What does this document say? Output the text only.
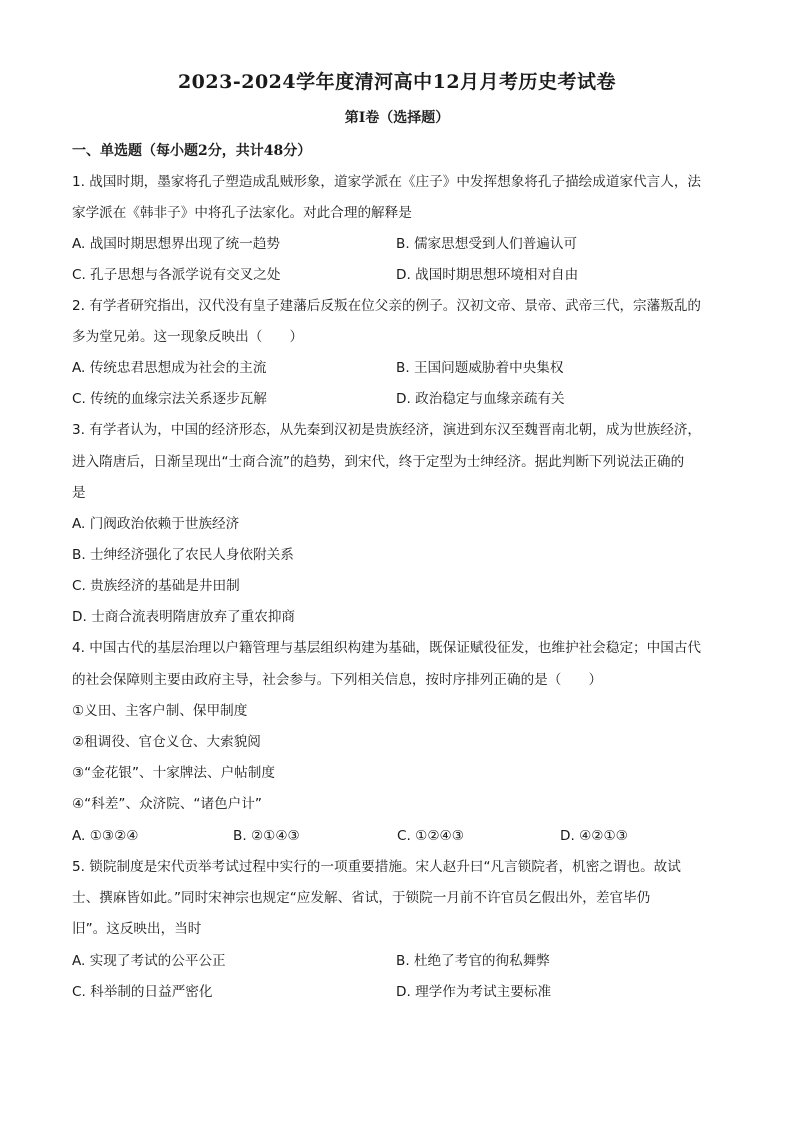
2023-2024学年度清河高中12月月考历史考试卷
第I卷（选择题）
一、单选题（每小题2分，共计48分）
1. 战国时期，墨家将孔子塑造成乱贼形象，道家学派在《庄子》中发挥想象将孔子描绘成道家代言人，法
家学派在《韩非子》中将孔子法家化。对此合理的解释是
A. 战国时期思想界出现了统一趋势	B. 儒家思想受到人们普遍认可
C. 孔子思想与各派学说有交叉之处	D. 战国时期思想环境相对自由
2. 有学者研究指出，汉代没有皇子建藩后反叛在位父亲的例子。汉初文帝、景帝、武帝三代，宗藩叛乱的
多为堂兄弟。这一现象反映出（　　）
A. 传统忠君思想成为社会的主流	B. 王国问题威胁着中央集权
C. 传统的血缘宗法关系逐步瓦解	D. 政治稳定与血缘亲疏有关
3. 有学者认为，中国的经济形态，从先秦到汉初是贵族经济，演进到东汉至魏晋南北朝，成为世族经济，
进入隋唐后，日渐呈现出“士商合流”的趋势，到宋代，终于定型为士绅经济。据此判断下列说法正确的
是
A. 门阀政治依赖于世族经济
B. 士绅经济强化了农民人身依附关系
C. 贵族经济的基础是井田制
D. 士商合流表明隋唐放弃了重农抑商
4. 中国古代的基层治理以户籍管理与基层组织构建为基础，既保证赋役征发，也维护社会稳定；中国古代
的社会保障则主要由政府主导，社会参与。下列相关信息，按时序排列正确的是（　　）
①义田、主客户制、保甲制度
②租调役、官仓义仓、大索貌阅
③“金花银”、十家牌法、户帖制度
④“科差”、众济院、“诸色户计”
A. ①③②④	B. ②①④③	C. ①②④③	D. ④②①③
5. 锁院制度是宋代贡举考试过程中实行的一项重要措施。宋人赵升曰“凡言锁院者，机密之谓也。故试
士、撰麻皆如此。”同时宋神宗也规定“应发解、省试，于锁院一月前不许官员乞假出外，差官毕仍
旧”。这反映出，当时
A. 实现了考试的公平公正	B. 杜绝了考官的徇私舞弊
C. 科举制的日益严密化	D. 理学作为考试主要标准
